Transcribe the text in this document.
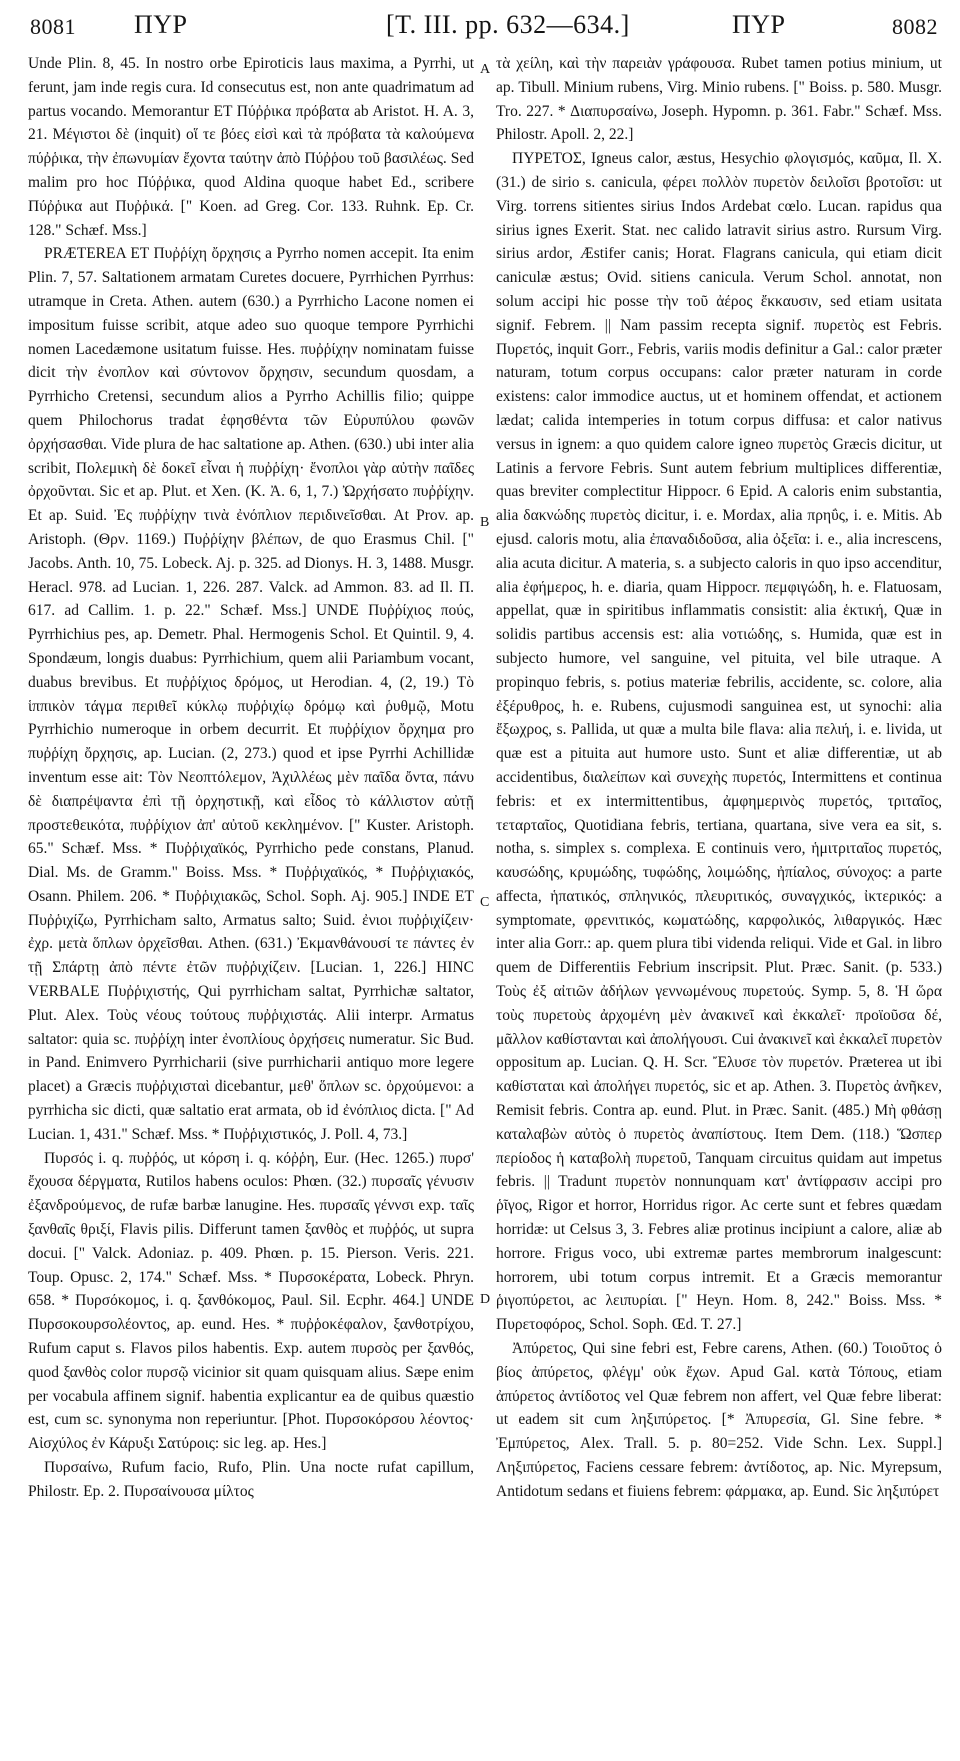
8081 ΠΥΡ	[T. III. pp. 632—634.]	ΠΥΡ	8082

Unde Plin. 8, 45. In nostro orbe Epiroticis laus maxima, a Pyrrhi, ut ferunt, jam inde regis cura. Id consecutus est, non ante quadrimatum ad partus vocando. Memorantur ET Πύῤῥικα πρόβατα ab Aristot. H. A. 3, 21. Μέγιστοι δὲ (inquit) οἵ τε βόες εἰσὶ καὶ τὰ πρόβατα τὰ καλούμενα πύῤῥικα, τὴν ἐπωνυμίαν ἔχοντα ταύτην ἀπὸ Πύῤῥου τοῦ βασιλέως. Sed malim pro hoc Πύῤῥικα, quod Aldina quoque habet Ed., scribere Πύῤῥικα aut Πυῤῥικά. [" Koen. ad Greg. Cor. 133. Ruhnk. Ep. Cr. 128." Schæf. Mss.]

PRÆTEREA ET Πυῤῥίχη ὄρχησις a Pyrrho nomen accepit. Ita enim Plin. 7, 57. Saltationem armatam Curetes docuere, Pyrrhichen Pyrrhus: utramque in Creta. Athen. autem (630.) a Pyrrhicho Lacone nomen ei impositum fuisse scribit, atque adeo suo quoque tempore Pyrrhichi nomen Lacedæmone usitatum fuisse. Hes. πυῤῥίχην nominatam fuisse dicit τὴν ἐνοπλον καὶ σύντονον ὄρχησιν, secundum quosdam, a Pyrrhicho Cretensi, secundum alios a Pyrrho Achillis filio; quippe quem Philochorus tradat ἐφησθέντα τῶν Εὐρυπύλου φωνῶν ὀρχήσασθαι. Vide plura de hac saltatione ap. Athen. (630.) ubi inter alia scribit, Πολεμικὴ δὲ δοκεῖ εἶναι ἡ πυῤῥίχη· ἔνοπλοι γὰρ αὐτὴν παῖδες ὀρχοῦνται. Sic et ap. Plut. et Xen. (K. Ἀ. 6, 1, 7.) Ὠρχήσατο πυῤῥίχην. Et ap. Suid. Ἐς πυῤῥίχην τινὰ ἐνόπλιον περιδινεῖσθαι. At Prov. ap. Aristoph. (Θρν. 1169.) Πυῤῥίχην βλέπων, de quo Erasmus Chil. [" Jacobs. Anth. 10, 75. Lobeck. Aj. p. 325. ad Dionys. H. 3, 1488. Musgr. Heracl. 978. ad Lucian. 1, 226. 287. Valck. ad Ammon. 83. ad Il. Π. 617. ad Callim. 1. p. 22." Schæf. Mss.] UNDE Πυῤῥίχιος πούς, Pyrrhichius pes, ap. Demetr. Phal. Hermogenis Schol. Et Quintil. 9, 4. Spondæum, longis duabus: Pyrrhichium, quem alii Pariambum vocant, duabus brevibus. Et πυῤῥίχιος δρόμος, ut Herodian. 4, (2, 19.) Τὸ ἱππικὸν τάγμα περιθεῖ κύκλῳ πυῤῥιχίῳ δρόμῳ καὶ ῥυθμῷ, Motu Pyrrhichio numeroque in orbem decurrit. Et πυῤῥίχιον ὄρχημα pro πυῤῥίχη ὄρχησις, ap. Lucian. (2, 273.) quod et ipse Pyrrhi Achillidæ inventum esse ait: Τὸν Νεοπτόλεμον, Ἀχιλλέως μὲν παῖδα ὄντα, πάνυ δὲ διαπρέψαντα ἐπὶ τῇ ὀρχηστικῇ, καὶ εἶδος τὸ κάλλιστον αὐτῇ προστεθεικότα, πυῤῥίχιον ἀπ' αὐτοῦ κεκλημένον. [" Kuster. Aristoph. 65." Schæf. Mss. * Πυῤῥιχαϊκός, Pyrrhicho pede constans, Planud. Dial. Ms. de Gramm." Boiss. Mss. * Πυῤῥιχαϊκός, * Πυῤῥιχιακός, Osann. Philem. 206. * Πυῤῥιχιακῶς, Schol. Soph. Aj. 905.] INDE ET Πυῤῥιχίζω, Pyrrhicham salto, Armatus salto; Suid. ἐνιοι πυῤῥιχίζειν· ἐχρ. μετὰ ὅπλων ὀρχεῖσθαι. Athen. (631.) Ἐκμανθάνουσί τε πάντες ἐν τῇ Σπάρτῃ ἀπὸ πέντε ἐτῶν πυῤῥιχίζειν. [Lucian. 1, 226.] HINC VERBALE Πυῤῥιχιστής, Qui pyrrhicham saltat, Pyrrhichæ saltator, Plut. Alex. Τοὺς νέους τούτους πυῤῥιχιστάς. Alii interpr. Armatus saltator: quia sc. πυῤῥίχη inter ἐνοπλίους ὀρχήσεις numeratur. Sic Bud. in Pand. Enimvero Pyrrhicharii (sive purrhicharii antiquo more legere placet) a Græcis πυῤῥιχισταὶ dicebantur, μεθ' ὅπλων sc. ὀρχούμενοι: a pyrrhicha sic dicti, quæ saltatio erat armata, ob id ἐνόπλιος dicta. [" Ad Lucian. 1, 431." Schæf. Mss. * Πυῤῥιχιστικός, J. Poll. 4, 73.]

Πυρσός i. q. πυῤῥός, ut κόρση i. q. κόῤῥη, Eur. (Hec. 1265.) πυρσ' ἔχουσα δέργματα, Rutilos habens oculos: Phœn. (32.) πυρσαῖς γένυσιν ἐξανδρούμενος, de rufæ barbæ lanugine. Hes. πυρσαῖς γέννσι exp. ταῖς ξανθαῖς θριξί, Flavis pilis. Differunt tamen ξανθὸς et πυῤῥός, ut supra docui. [" Valck. Adoniaz. p. 409. Phœn. p. 15. Pierson. Veris. 221. Toup. Opusc. 2, 174." Schæf. Mss. * Πυρσοκέρατα, Lobeck. Phryn. 658. * Πυρσόκομος, i. q. ξανθόκομος, Paul. Sil. Ecphr. 464.] UNDE Πυρσοκουρσολέοντος, ap. eund. Hes. * πυῤῥοκέφαλον, ξανθοτρίχου, Rufum caput s. Flavos pilos habentis. Exp. autem πυρσὸς per ξανθός, quod ξανθὸς color πυρσῷ vicinior sit quam quisquam alius. Sæpe enim per vocabula affinem signif. habentia explicantur ea de quibus quæstio est, cum sc. synonyma non reperiuntur. [Phot. Πυρσοκόρσου λέοντος· Αἰσχύλος ἐν Κάρυξι Σατύροις: sic leg. ap. Hes.]

Πυρσαίνω, Rufum facio, Rufo, Plin. Una nocte rufat capillum, Philostr. Ep. 2. Πυρσαίνουσα μίλτος

A
B
C
D

τὰ χείλη, καὶ τὴν παρειὰν γράφουσα. Rubet tamen potius minium, ut ap. Tibull. Minium rubens, Virg. Minio rubens. [" Boiss. p. 580. Musgr. Tro. 227. * Διαπυρσαίνω, Joseph. Hypomn. p. 361. Fabr." Schæf. Mss. Philostr. Apoll. 2, 22.]

ΠΥΡΕΤΟΣ, Igneus calor, æstus, Hesychio φλογισμός, καῦμα, Il. X. (31.) de sirio s. canicula, φέρει πολλὸν πυρετὸν δειλοῖσι βροτοῖσι: ut Virg. torrens sitientes sirius Indos Ardebat cœlo. Lucan. rapidus qua sirius ignes Exerit. Stat. nec calido latravit sirius astro. Rursum Virg. sirius ardor, Æstifer canis; Horat. Flagrans canicula, qui etiam dicit caniculæ æstus; Ovid. sitiens canicula. Verum Schol. annotat, non solum accipi hic posse τὴν τοῦ ἀέρος ἔκκαυσιν, sed etiam usitata signif. Febrem. || Nam passim recepta signif. πυρετὸς est Febris. Πυρετός, inquit Gorr., Febris, variis modis definitur a Gal.: calor præter naturam, totum corpus occupans: calor præter naturam in corde existens: calor immodice auctus, ut et hominem offendat, et actionem lædat; calida intemperies in totum corpus diffusa: et calor nativus versus in ignem: a quo quidem calore igneo πυρετὸς Græcis dicitur, ut Latinis a fervore Febris. Sunt autem febrium multiplices differentiæ, quas breviter complectitur Hippocr. 6 Epid. A caloris enim substantia, alia δακνώδης πυρετὸς dicitur, i. e. Mordax, alia πρηΰς, i. e. Mitis. Ab ejusd. caloris motu, alia ἐπαναδιδοῦσα, alia ὀξεῖα: i. e., alia increscens, alia acuta dicitur. A materia, s. a subjecto caloris in quo ipso accenditur, alia ἐφήμερος, h. e. diaria, quam Hippocr. πεμφιγώδη, h. e. Flatuosam, appellat, quæ in spiritibus inflammatis consistit: alia ἑκτική, Quæ in solidis partibus accensis est: alia νοτιώδης, s. Humida, quæ est in subjecto humore, vel sanguine, vel pituita, vel bile utraque. A propinquo febris, s. potius materiæ febrilis, accidente, sc. colore, alia ἐξέρυθρος, h. e. Rubens, cujusmodi sanguinea est, ut synochi: alia ἔξωχρος, s. Pallida, ut quæ a multa bile flava: alia πελιή, i. e. livida, ut quæ est a pituita aut humore usto. Sunt et aliæ differentiæ, ut ab accidentibus, διαλείπων καὶ συνεχὴς πυρετός, Intermittens et continua febris: et ex intermittentibus, ἀμφημερινὸς πυρετός, τριταῖος, τεταρταῖος, Quotidiana febris, tertiana, quartana, sive vera ea sit, s. notha, s. simplex s. complexa. E continuis vero, ἡμιτριταῖος πυρετός, καυσώδης, κρυμώδης, τυφώδης, λοιμώδης, ἠπίαλος, σύνοχος: a parte affecta, ἡπατικός, σπληνικός, πλευριτικός, συναγχικός, ἰκτερικός: a symptomate, φρενιτικός, κωματώδης, καρφολικός, λιθαργικός. Hæc inter alia Gorr.: ap. quem plura tibi videnda reliqui. Vide et Gal. in libro quem de Differentiis Febrium inscripsit. Plut. Præc. Sanit. (p. 533.) Τοὺς ἐξ αἰτιῶν ἀδήλων γεννωμένους πυρετούς. Symp. 5, 8. Ἡ ὥρα τοὺς πυρετοὺς ἀρχομένη μὲν ἀνακινεῖ καὶ ἐκκαλεῖ· προϊοῦσα δέ, μᾶλλον καθίστανται καὶ ἀπολήγουσι. Cui ἀνακινεῖ καὶ ἐκκαλεῖ πυρετὸν oppositum ap. Lucian. Q. H. Scr. Ἔλυσε τὸν πυρετόν. Præterea ut ibi καθίσταται καὶ ἀπολήγει πυρετός, sic et ap. Athen. 3. Πυρετὸς ἀνῆκεν, Remisit febris. Contra ap. eund. Plut. in Præc. Sanit. (485.) Μὴ φθάσῃ καταλαβὼν αὐτὸς ὁ πυρετὸς ἀναπίστους. Item Dem. (118.) Ὥσπερ περίοδος ἡ καταβολὴ πυρετοῦ, Tanquam circuitus quidam aut impetus febris. || Tradunt πυρετὸν nonnunquam κατ' ἀντίφρασιν accipi pro ῥῖγος, Rigor et horror, Horridus rigor. Ac certe sunt et febres quædam horridæ: ut Celsus 3, 3. Febres aliæ protinus incipiunt a calore, aliæ ab horrore. Frigus voco, ubi extremæ partes membrorum inalgescunt: horrorem, ubi totum corpus intremit. Et a Græcis memorantur ῥιγοπύρετοι, ac λειπυρίαι. [" Heyn. Hom. 8, 242." Boiss. Mss. * Πυρετοφόρος, Schol. Soph. Œd. T. 27.]

Ἀπύρετος, Qui sine febri est, Febre carens, Athen. (60.) Τοιοῦτος ὁ βίος ἀπύρετος, φλέγμ' οὐκ ἔχων. Apud Gal. κατὰ Τόπους, etiam ἀπύρετος ἀντίδοτος vel Quæ febrem non affert, vel Quæ febre liberat: ut eadem sit cum ληξιπύρετος. [* Ἀπυρεσία, Gl. Sine febre. * Ἐμπύρετος, Alex. Trall. 5. p. 80=252. Vide Schn. Lex. Suppl.] Ληξιπύρετος, Faciens cessare febrem: ἀντίδοτος, ap. Nic. Myrepsum, Antidotum sedans et fiuiens febrem: φάρμακα, ap. Eund. Sic ληξιπύρετ
